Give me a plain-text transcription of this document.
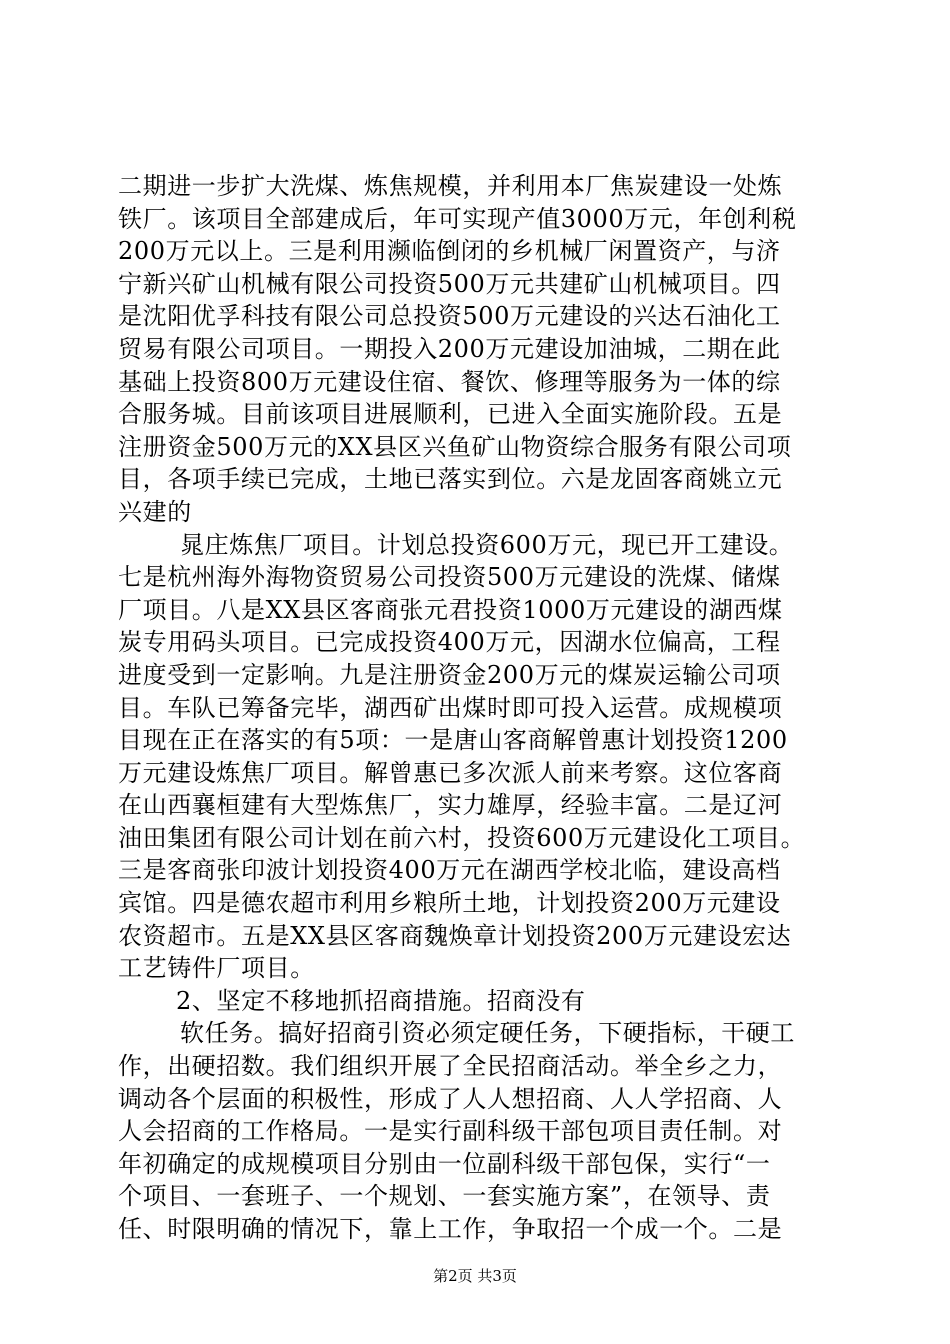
二期进一步扩大洗煤、炼焦规模，并利用本厂焦炭建设一处炼
铁厂。该项目全部建成后，年可实现产值3000万元，年创利税
200万元以上。三是利用濒临倒闭的乡机械厂闲置资产，与济
宁新兴矿山机械有限公司投资500万元共建矿山机械项目。四
是沈阳优孚科技有限公司总投资500万元建设的兴达石油化工
贸易有限公司项目。一期投入200万元建设加油城，二期在此
基础上投资800万元建设住宿、餐饮、修理等服务为一体的综
合服务城。目前该项目进展顺利，已进入全面实施阶段。五是
注册资金500万元的XX县区兴鱼矿山物资综合服务有限公司项
目，各项手续已完成，土地已落实到位。六是龙固客商姚立元
兴建的
晁庄炼焦厂项目。计划总投资600万元，现已开工建设。
七是杭州海外海物资贸易公司投资500万元建设的洗煤、储煤
厂项目。八是XX县区客商张元君投资1000万元建设的湖西煤
炭专用码头项目。已完成投资400万元，因湖水位偏高，工程
进度受到一定影响。九是注册资金200万元的煤炭运输公司项
目。车队已筹备完毕，湖西矿出煤时即可投入运营。成规模项
目现在正在落实的有5项：一是唐山客商解曾惠计划投资1200
万元建设炼焦厂项目。解曾惠已多次派人前来考察。这位客商
在山西襄桓建有大型炼焦厂，实力雄厚，经验丰富。二是辽河
油田集团有限公司计划在前六村，投资600万元建设化工项目。
三是客商张印波计划投资400万元在湖西学校北临，建设高档
宾馆。四是德农超市利用乡粮所土地，计划投资200万元建设
农资超市。五是XX县区客商魏焕章计划投资200万元建设宏达
工艺铸件厂项目。
2、坚定不移地抓招商措施。招商没有
软任务。搞好招商引资必须定硬任务，下硬指标，干硬工
作，出硬招数。我们组织开展了全民招商活动。举全乡之力，
调动各个层面的积极性，形成了人人想招商、人人学招商、人
人会招商的工作格局。一是实行副科级干部包项目责任制。对
年初确定的成规模项目分别由一位副科级干部包保，实行“一
个项目、一套班子、一个规划、一套实施方案”，在领导、责
任、时限明确的情况下，靠上工作，争取招一个成一个。二是
第2页 共3页
